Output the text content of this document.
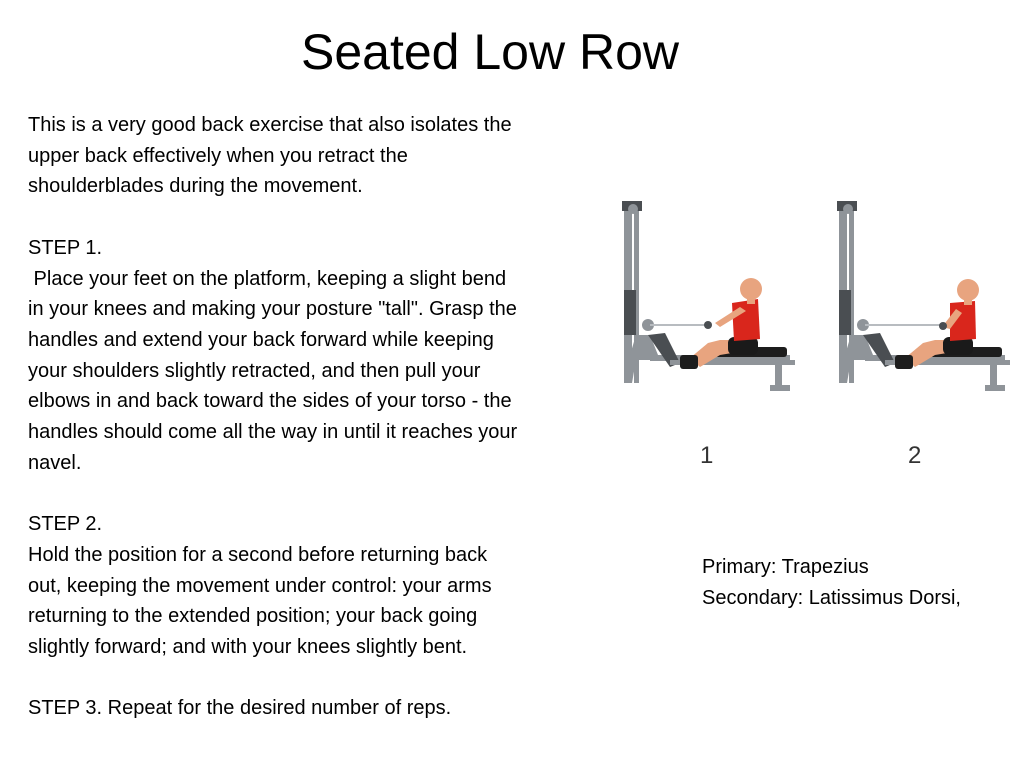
Seated Low Row

This is a very good back exercise that also isolates the

upper back effectively when you retract the

shoulderblades during the movement.

STEP 1.

Place your feet on the platform, keeping a slight bend

in your knees and making your posture "tall". Grasp the

handles and extend your back forward while keeping

your shoulders slightly retracted, and then pull your

elbows in and back toward the sides of your torso - the

handles should come all the way in until it reaches your

navel.

STEP 2.

Hold the position for a second before returning back

out, keeping the movement under control: your arms

returning to the extended position; your back going

slightly forward; and with your knees slightly bent.

STEP 3. Repeat for the desired number of reps.

1	2

Primary: Trapezius

Secondary: Latissimus Dorsi,
